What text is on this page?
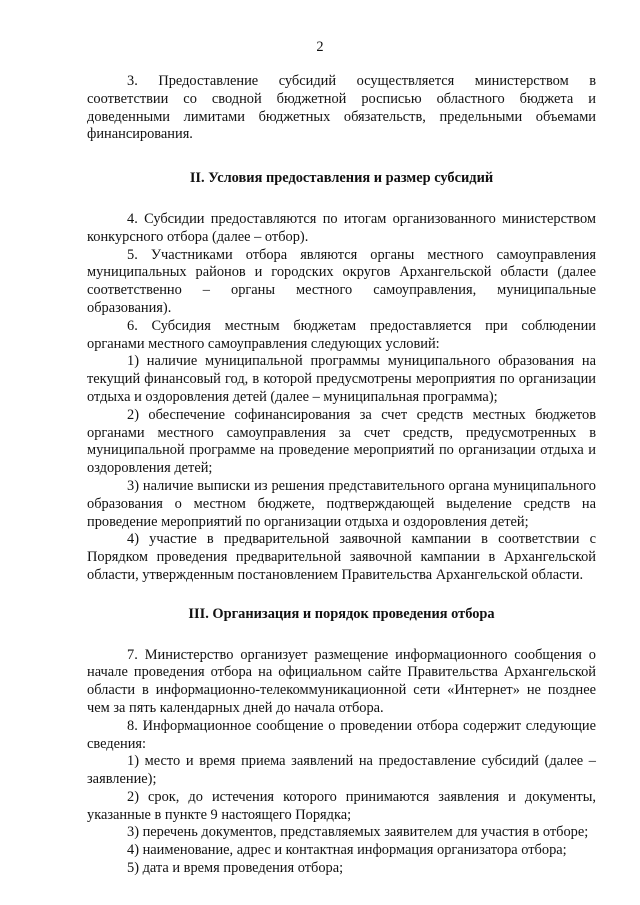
2

3. Предоставление субсидий осуществляется министерством в соответствии со сводной бюджетной росписью областного бюджета и доведенными лимитами бюджетных обязательств, предельными объемами финансирования.

II. Условия предоставления и размер субсидий

4. Субсидии предоставляются по итогам организованного министерством конкурсного отбора (далее – отбор).

5. Участниками отбора являются органы местного самоуправления муниципальных районов и городских округов Архангельской области (далее соответственно – органы местного самоуправления, муниципальные образования).

6. Субсидия местным бюджетам предоставляется при соблюдении органами местного самоуправления следующих условий:

1) наличие муниципальной программы муниципального образования на текущий финансовый год, в которой предусмотрены мероприятия по организации отдыха и оздоровления детей (далее – муниципальная программа);

2) обеспечение софинансирования за счет средств местных бюджетов органами местного самоуправления за счет средств, предусмотренных в муниципальной программе на проведение мероприятий по организации отдыха и оздоровления детей;

3) наличие выписки из решения представительного органа муниципального образования о местном бюджете, подтверждающей выделение средств на проведение мероприятий по организации отдыха и оздоровления детей;

4) участие в предварительной заявочной кампании в соответствии с Порядком проведения предварительной заявочной кампании в Архангельской области, утвержденным постановлением Правительства Архангельской области.

III. Организация и порядок проведения отбора

7. Министерство организует размещение информационного сообщения о начале проведения отбора на официальном сайте Правительства Архангельской области в информационно-телекоммуникационной сети «Интернет» не позднее чем за пять календарных дней до начала отбора.

8. Информационное сообщение о проведении отбора содержит следующие сведения:

1) место и время приема заявлений на предоставление субсидий (далее – заявление);

2) срок, до истечения которого принимаются заявления и документы, указанные в пункте 9 настоящего Порядка;

3) перечень документов, представляемых заявителем для участия в отборе;

4) наименование, адрес и контактная информация организатора отбора;

5) дата и время проведения отбора;
